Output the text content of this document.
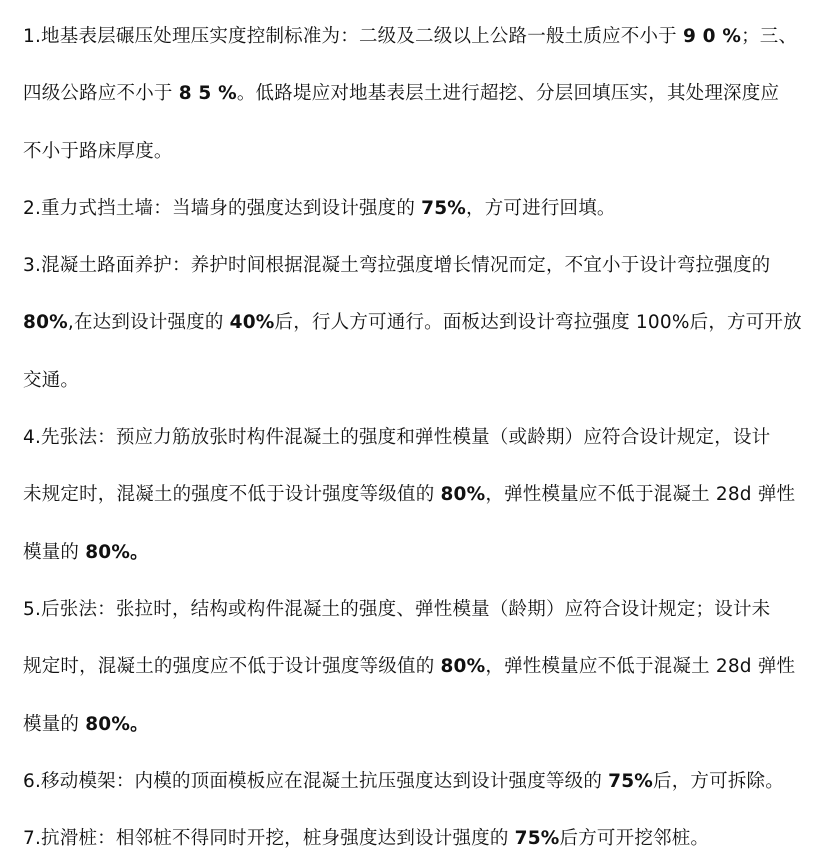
1.地基表层碾压处理压实度控制标准为：二级及二级以上公路一般土质应不小于 9 0 %；三、
四级公路应不小于 8 5 %。低路堤应对地基表层土进行超挖、分层回填压实，其处理深度应
不小于路床厚度。
2.重力式挡土墙：当墙身的强度达到设计强度的 75%，方可进行回填。
3.混凝土路面养护：养护时间根据混凝土弯拉强度增长情况而定，不宜小于设计弯拉强度的
80%,在达到设计强度的 40%后，行人方可通行。面板达到设计弯拉强度 100%后，方可开放
交通。
4.先张法：预应力筋放张时构件混凝土的强度和弹性模量（或龄期）应符合设计规定，设计
未规定时，混凝土的强度不低于设计强度等级值的 80%，弹性模量应不低于混凝土 28d 弹性
模量的 80%。
5.后张法：张拉时，结构或构件混凝土的强度、弹性模量（龄期）应符合设计规定；设计未
规定时，混凝土的强度应不低于设计强度等级值的 80%，弹性模量应不低于混凝土 28d 弹性
模量的 80%。
6.移动模架：内模的顶面模板应在混凝土抗压强度达到设计强度等级的 75%后，方可拆除。
7.抗滑桩：相邻桩不得同时开挖，桩身强度达到设计强度的 75%后方可开挖邻桩。
